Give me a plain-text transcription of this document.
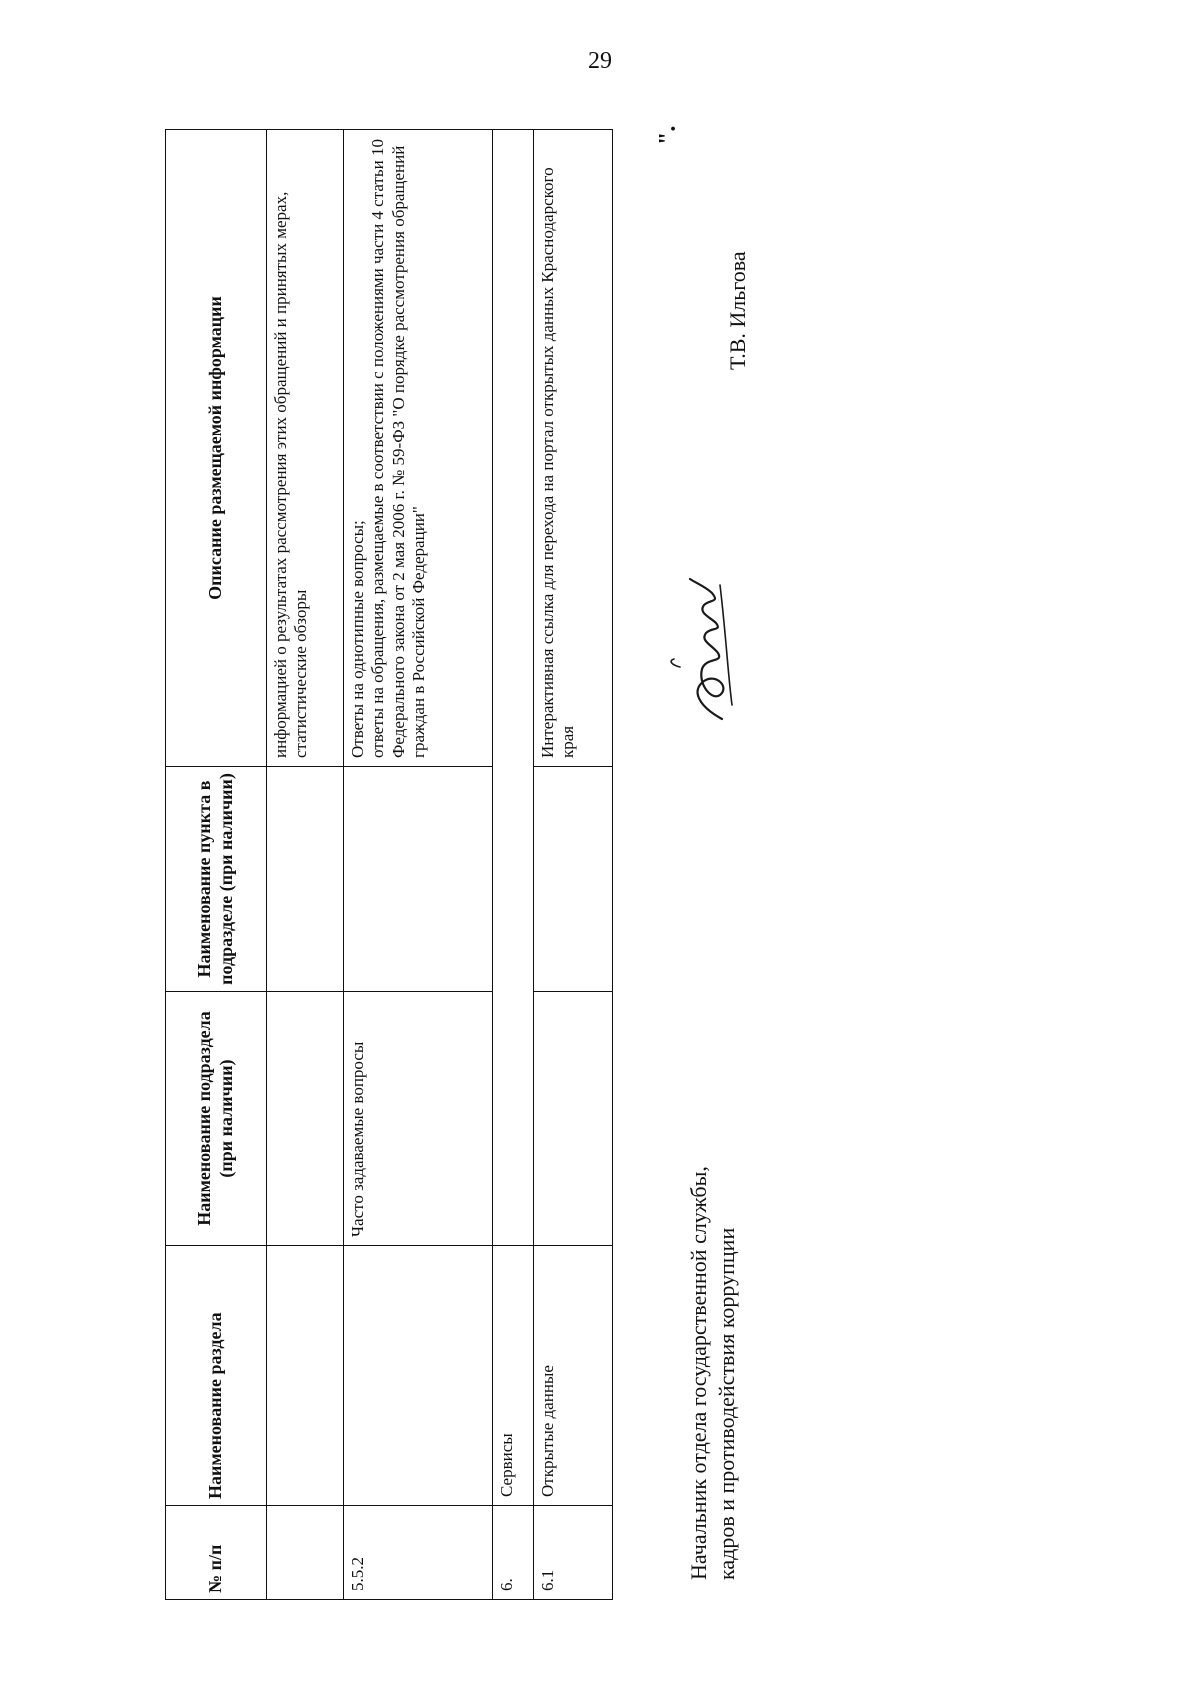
29
№ п/п	Наименование раздела	Наименование подраздела (при наличии)	Наименование пункта в подразделе (при наличии)	Описание размещаемой информации
				информацией о результатах рассмотрения этих обращений и принятых мерах, статистические обзоры
5.5.2		Часто задаваемые вопросы		Ответы на однотипные вопросы; ответы на обращения, размещаемые в соответствии с положениями части 4 статьи 10 Федерального закона от 2 мая 2006 г. № 59-ФЗ "О порядке рассмотрения обращений граждан в Российской Федерации"

6.	Сервисы			
6.1	Открытые данные			Интерактивная ссылка для перехода на портал открытых данных Краснодарского края
".
Начальник отдела государственной службы, кадров и противодействия коррупции
Т.В. Ильгова
